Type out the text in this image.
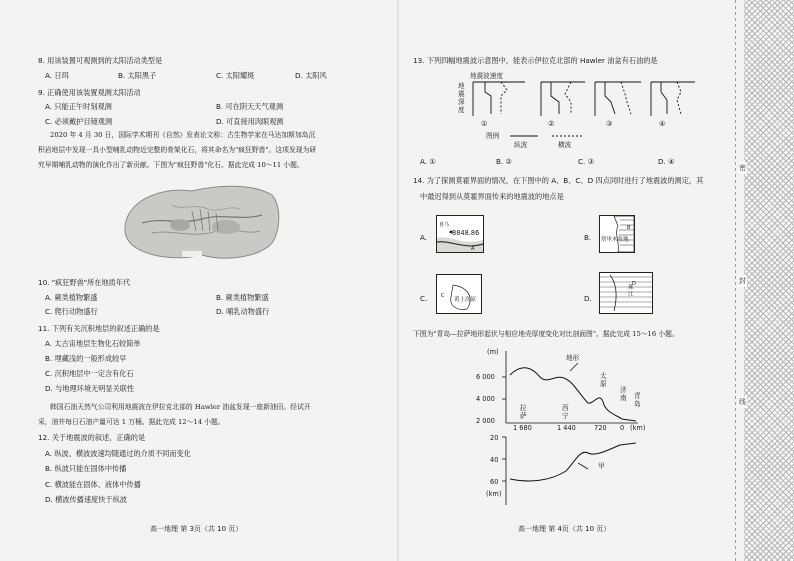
8. 用该装置可观测到的太阳活动类型是
A. 日珥	B. 太阳黑子	C. 太阳耀斑	D. 太阳风
9. 正确使用该装置观测太阳活动
A. 只能正午时刻观测	B. 可在阴天天气观测
C. 必须戴护目镜观测	D. 可直接用肉眼观测
2020 年 4 月 30 日，国际学术期刊《自然》发表论文称：古生物学家在马达加斯加岛沉
积岩地层中发现一具小型哺乳动物近完整的骨架化石，将其命名为"疯狂野兽"。这项发现为研
究早期哺乳动物的演化作出了新贡献。下图为"疯狂野兽"化石。据此完成 10～11 小题。
10. "疯狂野兽"所在地质年代
A. 蕨类植物繁盛	B. 蕨类植物繁盛
C. 爬行动物盛行	D. 哺乳动物盛行
11. 下列有关沉积地层的叙述正确的是
A. 太古宙地层生物化石较简单
B. 埋藏浅的一般形成较早
C. 沉积地层中一定含有化石
D. 与地理环境无明显关联性
韩国石油天然气公司利用地震波在伊拉克北部的 Hawler 油盆发现一座新油田。经试开
采，油井每日石油产量可达 1 万桶。据此完成 12～14 小题。
12. 关于地震波的叙述，正确的是
A. 纵波、横波波速均随通过的介质不同而变化
B. 纵波只能在固体中传播
C. 横波能在固体、液体中传播
D. 横波传播速度快于纵波
高一地理 第 3页（共 10 页）
13. 下列四幅地震波示意图中，能表示伊拉克北部的 Hawler 油盆有石油的是
地震波速度
地震深度
①	②	③	④
图例
纵波	横波
A. ①	B. ②	C. ③	D. ④
14. 为了探测莫霍界面的情况，在下图中的 A、B、C、D 四点同时进行了地震波的测定，其
中最迟得到从莫霍界面传来的地震波的地点是
A.
喜马
A
8848.86	B.
B
塔里木盆地
C.	C
黄土高原	D.
D
珠江
下图为"青岛—拉萨地形起伏与相应地壳厚度变化对比剖面图"。据此完成 15～16 小题。
(m)
6 000
4 000
2 000
地形
拉萨
西宁
太原
济南 青岛
1 680	1 440	720 0 (km)
20
40
60
(km)
甲
高一地理 第 4页（共 10 页）
密
封
线
